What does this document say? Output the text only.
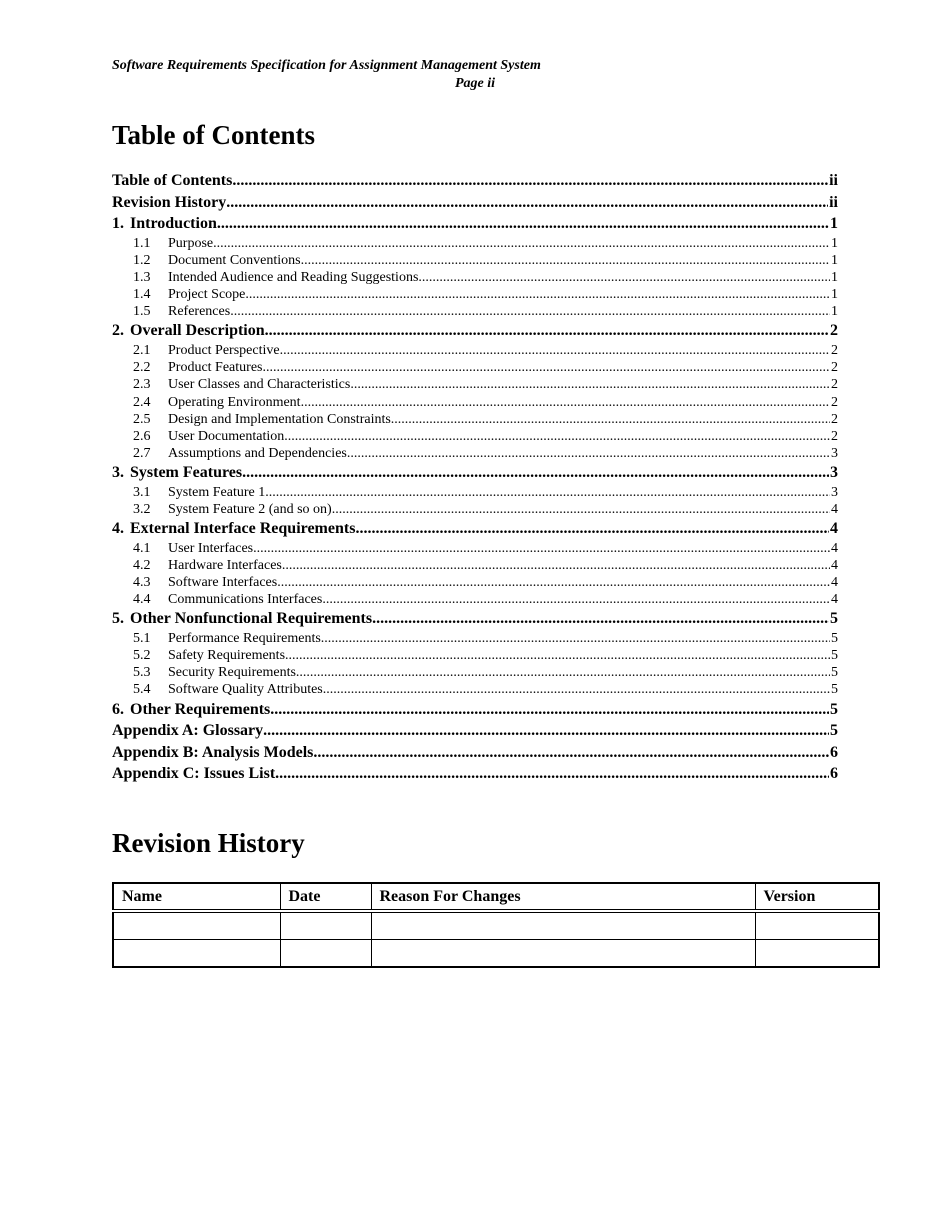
Software Requirements Specification for Assignment Management System
Page ii
Table of Contents
Table of Contents .....	ii
Revision History .....	ii
1. Introduction .....	1
1.1	Purpose .....	1
1.2	Document Conventions .....	1
1.3	Intended Audience and Reading Suggestions .....	1
1.4	Project Scope .....	1
1.5	References .....	1
2. Overall Description .....	2
2.1	Product Perspective .....	2
2.2	Product Features .....	2
2.3	User Classes and Characteristics .....	2
2.4	Operating Environment .....	2
2.5	Design and Implementation Constraints .....	2
2.6	User Documentation .....	2
2.7	Assumptions and Dependencies .....	3
3. System Features .....	3
3.1	System Feature 1 .....	3
3.2	System Feature 2 (and so on) .....	4
4. External Interface Requirements .....	4
4.1	User Interfaces .....	4
4.2	Hardware Interfaces .....	4
4.3	Software Interfaces .....	4
4.4	Communications Interfaces .....	4
5. Other Nonfunctional Requirements .....	5
5.1	Performance Requirements .....	5
5.2	Safety Requirements .....	5
5.3	Security Requirements .....	5
5.4	Software Quality Attributes .....	5
6. Other Requirements .....	5
Appendix A: Glossary .....	5
Appendix B: Analysis Models .....	6
Appendix C: Issues List .....	6
Revision History
Name	Date	Reason For Changes	Version
